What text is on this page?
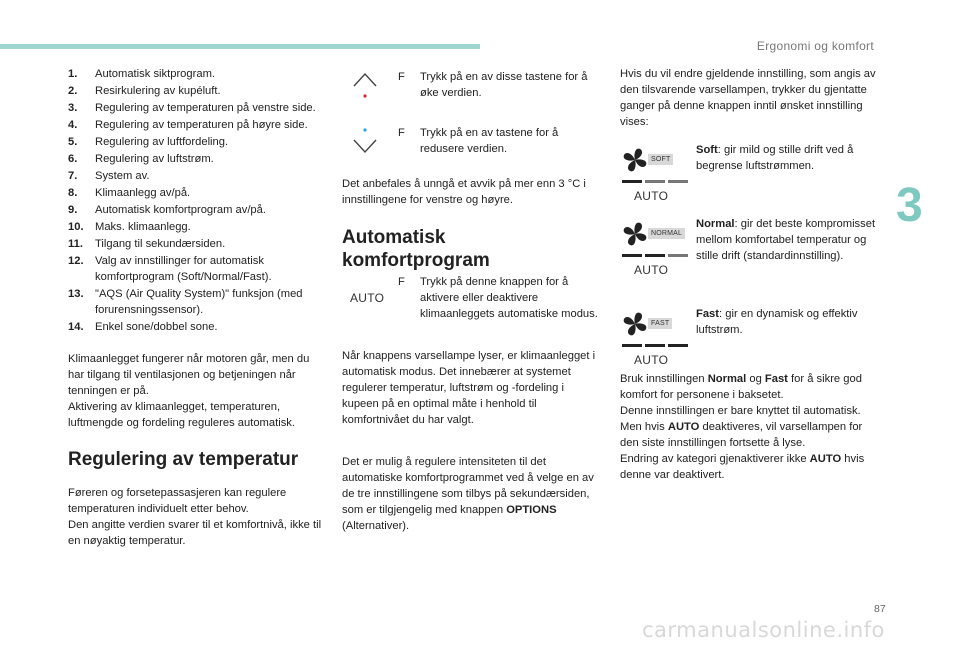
Ergonomi og komfort
3
1.	Automatisk siktprogram.
2.	Resirkulering av kupéluft.
3.	Regulering av temperaturen på venstre side.
4.	Regulering av temperaturen på høyre side.
5.	Regulering av luftfordeling.
6.	Regulering av luftstrøm.
7.	System av.
8.	Klimaanlegg av/på.
9.	Automatisk komfortprogram av/på.
10.	Maks. klimaanlegg.
11.	Tilgang til sekundærsiden.
12.	Valg av innstillinger for automatisk komfortprogram (Soft/Normal/Fast).
13.	"AQS (Air Quality System)" funksjon (med forurensningssensor).
14.	Enkel sone/dobbel sone.

Klimaanlegget fungerer når motoren går, men du har tilgang til ventilasjonen og betjeningen når tenningen er på.

Aktivering av klimaanlegget, temperaturen, luftmengde og fordeling reguleres automatisk.

Regulering av temperatur

Føreren og forsetepassasjeren kan regulere temperaturen individuelt etter behov.

Den angitte verdien svarer til et komfortnivå, ikke til en nøyaktig temperatur.

F	Trykk på en av disse tastene for å øke verdien.
F	Trykk på en av tastene for å redusere verdien.

Det anbefales å unngå et avvik på mer enn 3 °C i innstillingene for venstre og høyre.

Automatisk komfortprogram
AUTO
F	Trykk på denne knappen for å aktivere eller deaktivere klimaanleggets automatiske modus.

Når knappens varsellampe lyser, er klimaanlegget i automatisk modus. Det innebærer at systemet regulerer temperatur, luftstrøm og -fordeling i kupeen på en optimal måte i henhold til komfortnivået du har valgt.

Det er mulig å regulere intensiteten til det automatiske komfortprogrammet ved å velge en av de tre innstillingene som tilbys på sekundærsiden, som er tilgjengelig med knappen OPTIONS (Alternativer).

Hvis du vil endre gjeldende innstilling, som angis av den tilsvarende varsellampen, trykker du gjentatte ganger på denne knappen inntil ønsket innstilling vises:

SOFT
AUTO
Soft: gir mild og stille drift ved å begrense luftstrømmen.
NORMAL
AUTO
Normal: gir det beste kompromisset mellom komfortabel temperatur og stille drift (standardinnstilling).
FAST
AUTO
Fast: gir en dynamisk og effektiv luftstrøm.

Bruk innstillingen Normal og Fast for å sikre god komfort for personene i baksetet.

Denne innstillingen er bare knyttet til automatisk. Men hvis AUTO deaktiveres, vil varsellampen for den siste innstillingen fortsette å lyse.

Endring av kategori gjenaktiverer ikke AUTO hvis denne var deaktivert.

87
carmanualsonline.info
